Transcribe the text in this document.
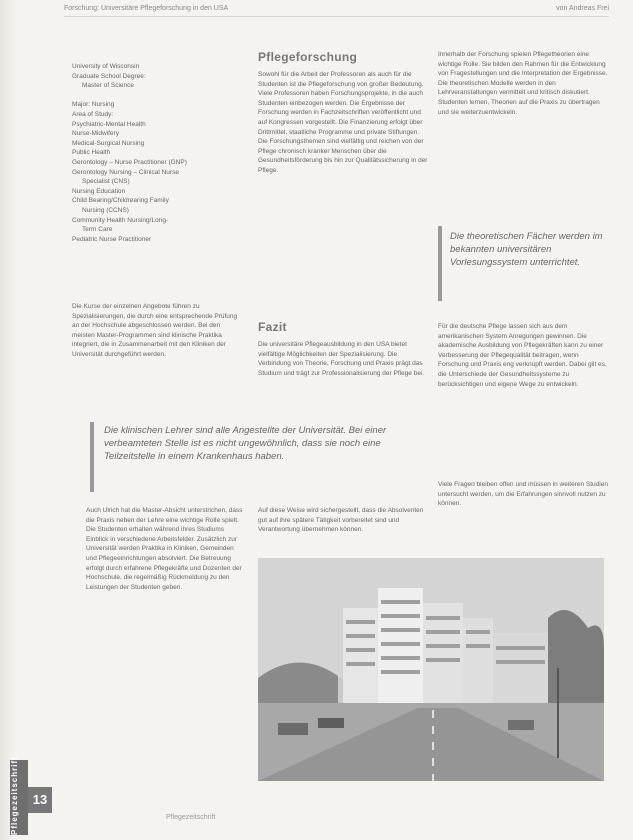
Forschung: Universitäre Pflegeforschung in den USA	von Andreas Frei
University of Wisconsin
Graduate School Degree:
Master of Science
Major: Nursing
Area of Study:
Psychiatric-Mental Health
Nurse-Midwifery
Medical-Surgical Nursing
Public Health
Gerontology – Nurse Practitioner (GNP)
Gerontology Nursing – Clinical Nurse
Specialist (CNS)
Nursing Education
Child Bearing/Childrearing Family
Nursing (CCNS)
Community Health Nursing/Long-
Term Care
Pediatric Nurse Practitioner

Die Kurse der einzelnen Angebote führen zu Spezialisierungen, die durch eine entsprechende Prüfung an der Hochschule abgeschlossen werden. Bei den meisten Master-Programmen sind klinische Praktika integriert, die in Zusammenarbeit mit den Kliniken der Universität durchgeführt werden.

Pflegeforschung

Sowohl für die Arbeit der Professoren als auch für die Studenten ist die Pflegeforschung von großer Bedeutung. Viele Professoren haben Forschungsprojekte, in die auch Studenten einbezogen werden. Die Ergebnisse der Forschung werden in Fachzeitschriften veröffentlicht und auf Kongressen vorgestellt. Die Finanzierung erfolgt über Drittmittel, staatliche Programme und private Stiftungen. Die Forschungsthemen sind vielfältig und reichen von der Pflege chronisch kranker Menschen über die Gesundheitsförderung bis hin zur Qualitätssicherung in der Pflege.

Fazit

Die universitäre Pflegeausbildung in den USA bietet vielfältige Möglichkeiten der Spezialisierung. Die Verbindung von Theorie, Forschung und Praxis prägt das Studium und trägt zur Professionalisierung der Pflege bei.

Innerhalb der Forschung spielen Pflegetheorien eine wichtige Rolle. Sie bilden den Rahmen für die Entwicklung von Fragestellungen und die Interpretation der Ergebnisse. Die theoretischen Modelle werden in den Lehrveranstaltungen vermittelt und kritisch diskutiert. Studenten lernen, Theorien auf die Praxis zu übertragen und sie weiterzuentwickeln.

Die theoretischen Fächer werden im bekannten universitären Vorlesungssystem unterrichtet.

Für die deutsche Pflege lassen sich aus dem amerikanischen System Anregungen gewinnen. Die akademische Ausbildung von Pflegekräften kann zu einer Verbesserung der Pflegequalität beitragen, wenn Forschung und Praxis eng verknüpft werden. Dabei gilt es, die Unterschiede der Gesundheitssysteme zu berücksichtigen und eigene Wege zu entwickeln.

Viele Fragen bleiben offen und müssen in weiteren Studien untersucht werden, um die Erfahrungen sinnvoll nutzen zu können.

Die klinischen Lehrer sind alle Angestellte der Universität. Bei einer verbeamteten Stelle ist es nicht ungewöhnlich, dass sie noch eine Teilzeitstelle in einem Krankenhaus haben.

Auch Ulrich hat die Master-Absicht unterstrichen, dass die Praxis neben der Lehre eine wichtige Rolle spielt. Die Studenten erhalten während ihres Studiums Einblick in verschiedene Arbeitsfelder. Zusätzlich zur Universität werden Praktika in Kliniken, Gemeinden und Pflegeeinrichtungen absolviert. Die Betreuung erfolgt durch erfahrene Pflegekräfte und Dozenten der Hochschule, die regelmäßig Rückmeldung zu den Leistungen der Studenten geben.

Auf diese Weise wird sichergestellt, dass die Absolventen gut auf ihre spätere Tätigkeit vorbereitet sind und Verantwortung übernehmen können.

Pflegezeitschrift	13
Pflegezeitschrift
